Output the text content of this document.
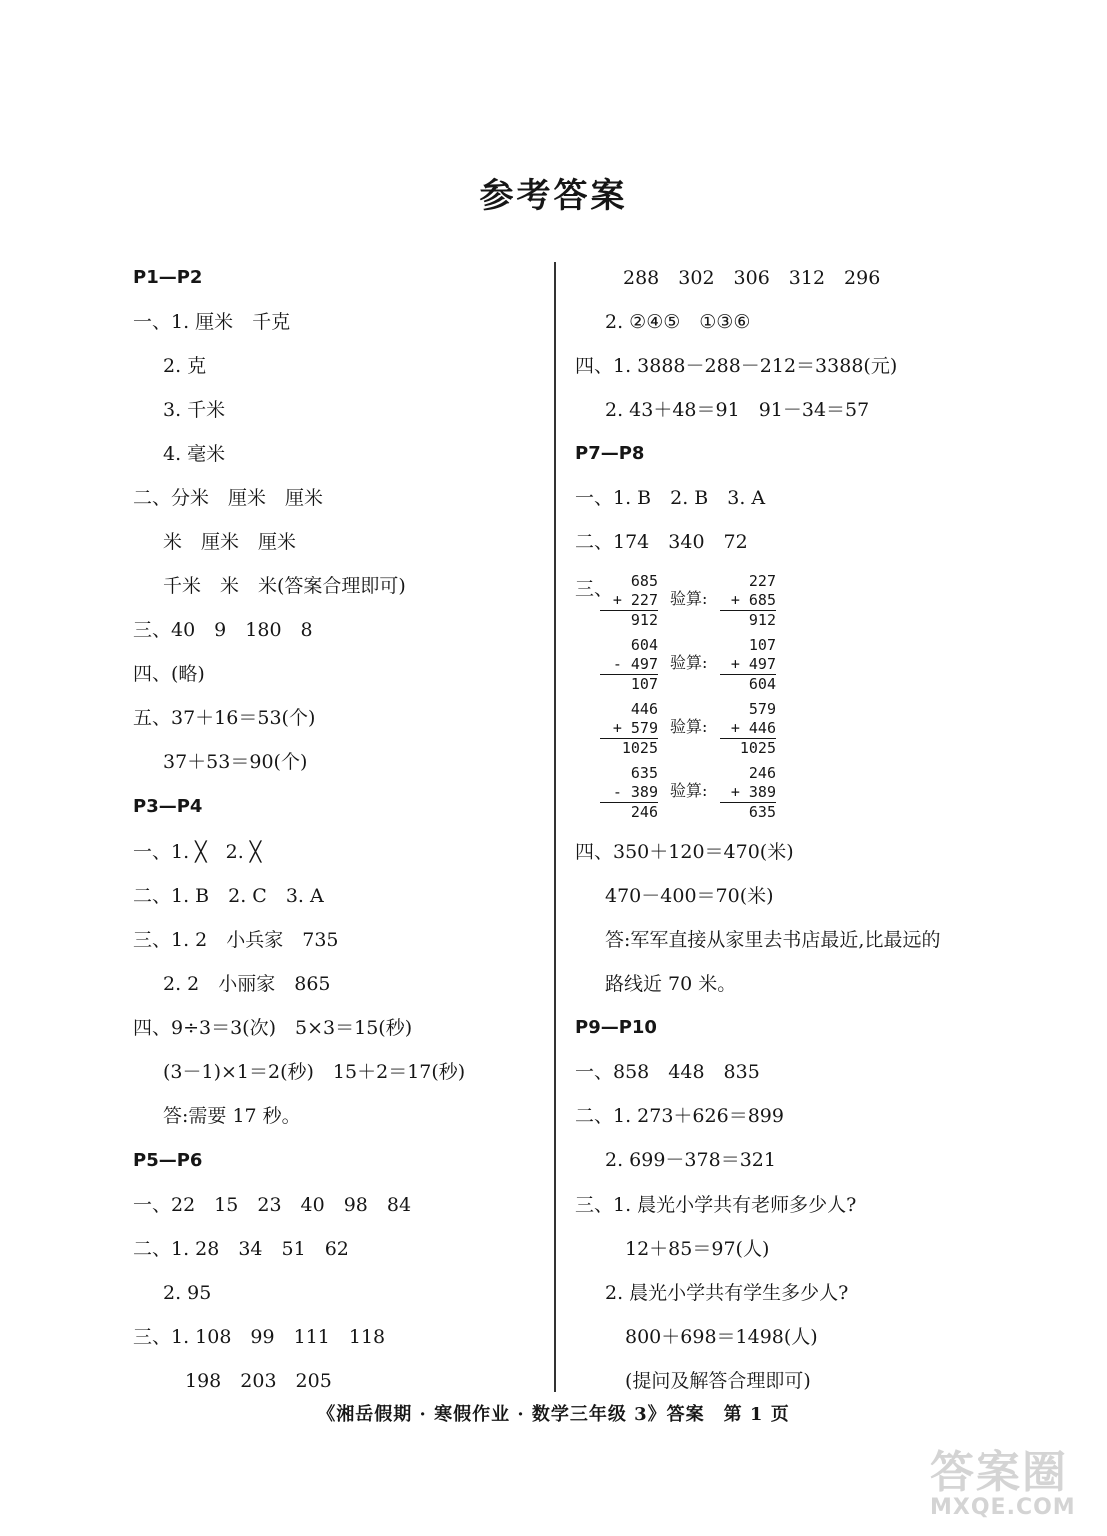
参考答案
P1—P2
一、1. 厘米　千克
2. 克
3. 千米
4. 毫米
二、分米　厘米　厘米
米　厘米　厘米
千米　米　米(答案合理即可)
三、40　9　180　8
四、(略)
五、37＋16＝53(个)
37＋53＝90(个)
P3—P4
一、1. ╳　2. ╳
二、1. B　2. C　3. A
三、1. 2　小兵家　735
2. 2　小丽家　865
四、9÷3＝3(次)　5×3＝15(秒)
(3－1)×1＝2(秒)　15＋2＝17(秒)
答:需要 17 秒。
P5—P6
一、22　15　23　40　98　84
二、1. 28　34　51　62
2. 95
三、1. 108　99　111　118
198　203　205
288　302　306　312　296
2. ②④⑤　①③⑥
四、1. 3888－288－212＝3388(元)
2. 43＋48＝91　91－34＝57
P7—P8
一、1. B　2. B　3. A
二、174　340　72
三、	685
+ 227
912
验算:
227
+ 685
912
604
- 497
107
验算:
107
+ 497
604
446
+ 579
1025
验算:
579
+ 446
1025
635
- 389
246
验算:
246
+ 389
635
四、350＋120＝470(米)
470－400＝70(米)
答:军军直接从家里去书店最近,比最远的
路线近 70 米。
P9—P10
一、858　448　835
二、1. 273＋626＝899
2. 699－378＝321
三、1. 晨光小学共有老师多少人?
12＋85＝97(人)
2. 晨光小学共有学生多少人?
800＋698＝1498(人)
(提问及解答合理即可)
《湘岳假期 · 寒假作业 · 数学三年级 3》答案　第 1 页
答案圈
MXQE.COM
